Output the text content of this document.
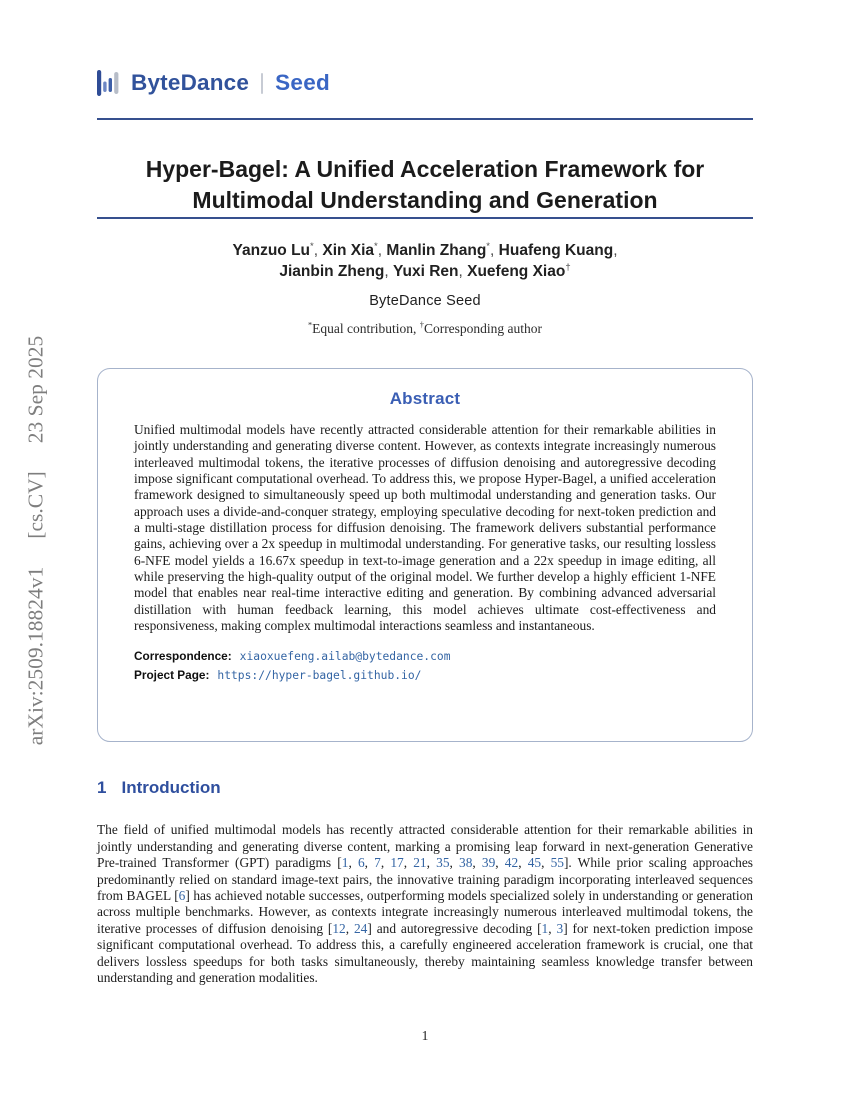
arXiv:2509.18824v1
[cs.CV]
23 Sep 2025
ByteDance Seed
Hyper-Bagel: A Unified Acceleration Framework for
Multimodal Understanding and Generation
Yanzuo Lu*, Xin Xia*, Manlin Zhang*, Huafeng Kuang,
Jianbin Zheng, Yuxi Ren, Xuefeng Xiao†
ByteDance Seed
*Equal contribution, †Corresponding author
Abstract

Unified multimodal models have recently attracted considerable attention for their remarkable abilities in jointly understanding and generating diverse content. However, as contexts integrate increasingly numerous interleaved multimodal tokens, the iterative processes of diffusion denoising and autoregressive decoding impose significant computational overhead. To address this, we propose Hyper-Bagel, a unified acceleration framework designed to simultaneously speed up both multimodal understanding and generation tasks. Our approach uses a divide-and-conquer strategy, employing speculative decoding for next-token prediction and a multi-stage distillation process for diffusion denoising. The framework delivers substantial performance gains, achieving over a 2x speedup in multimodal understanding. For generative tasks, our resulting lossless 6-NFE model yields a 16.67x speedup in text-to-image generation and a 22x speedup in image editing, all while preserving the high-quality output of the original model. We further develop a highly efficient 1-NFE model that enables near real-time interactive editing and generation. By combining advanced adversarial distillation with human feedback learning, this model achieves ultimate cost-effectiveness and responsiveness, making complex multimodal interactions seamless and instantaneous.

Correspondence: xiaoxuefeng.ailab@bytedance.com
Project Page: https://hyper-bagel.github.io/
1 Introduction

The field of unified multimodal models has recently attracted considerable attention for their remarkable abilities in jointly understanding and generating diverse content, marking a promising leap forward in next-generation Generative Pre-trained Transformer (GPT) paradigms [1, 6, 7, 17, 21, 35, 38, 39, 42, 45, 55]. While prior scaling approaches predominantly relied on standard image-text pairs, the innovative training paradigm incorporating interleaved sequences from BAGEL [6] has achieved notable successes, outperforming models specialized solely in understanding or generation across multiple benchmarks. However, as contexts integrate increasingly numerous interleaved multimodal tokens, the iterative processes of diffusion denoising [12, 24] and autoregressive decoding [1, 3] for next-token prediction impose significant computational overhead. To address this, a carefully engineered acceleration framework is crucial, one that delivers lossless speedups for both tasks simultaneously, thereby maintaining seamless knowledge transfer between understanding and generation modalities.

1
